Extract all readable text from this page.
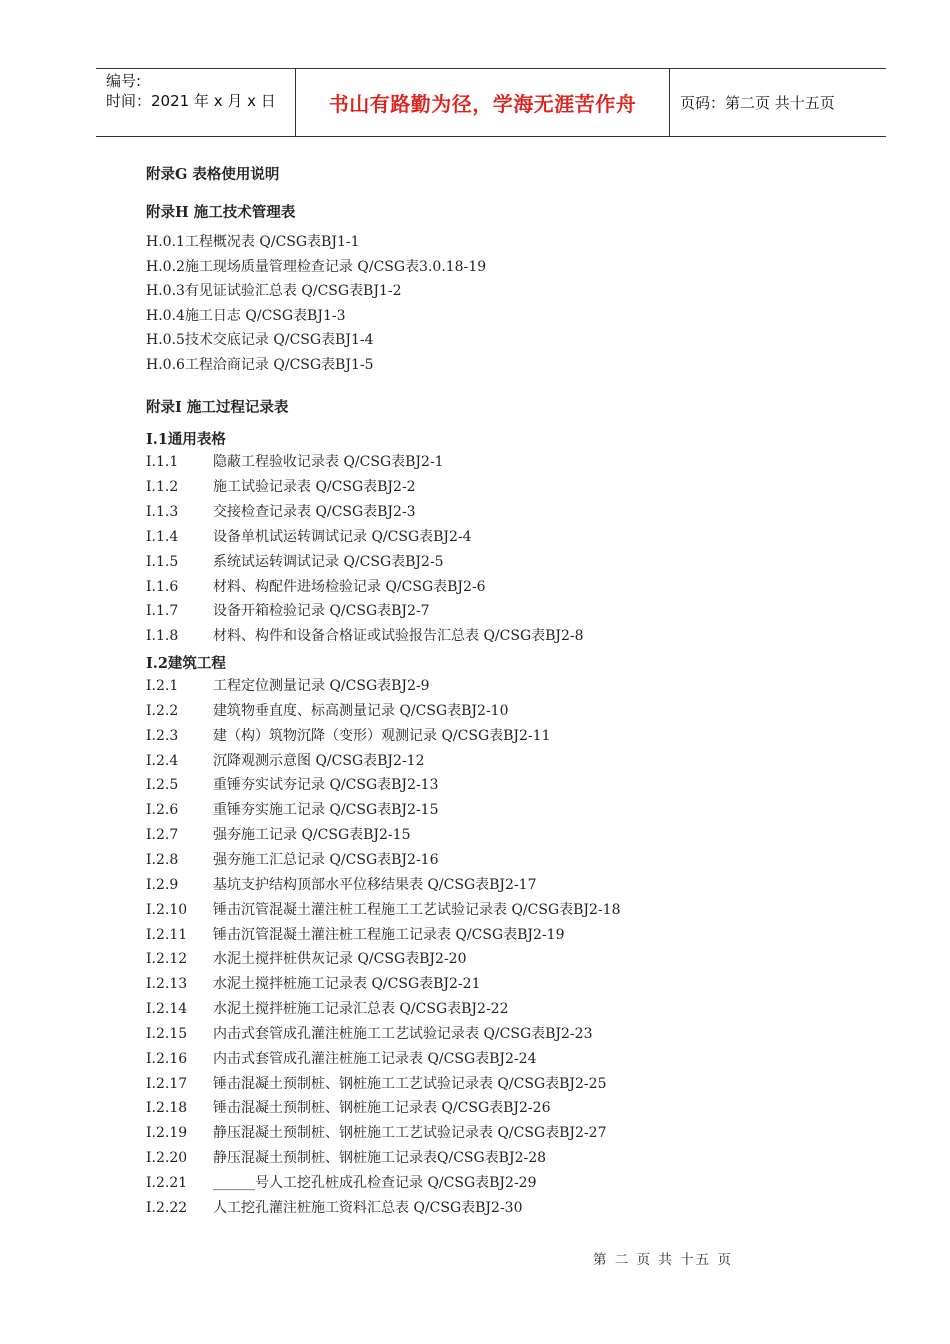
编号:
时间：2021 年 x 月 x 日	书山有路勤为径，学海无涯苦作舟	页码：第二页 共十五页
附录G 表格使用说明
附录H 施工技术管理表
H.0.1工程概况表 Q/CSG表BJ1-1
H.0.2施工现场质量管理检查记录 Q/CSG表3.0.18-19
H.0.3有见证试验汇总表 Q/CSG表BJ1-2
H.0.4施工日志 Q/CSG表BJ1-3
H.0.5技术交底记录 Q/CSG表BJ1-4
H.0.6工程洽商记录 Q/CSG表BJ1-5
附录I 施工过程记录表
I.1通用表格
I.1.1 隐蔽工程验收记录表 Q/CSG表BJ2-1
I.1.2 施工试验记录表 Q/CSG表BJ2-2
I.1.3 交接检查记录表 Q/CSG表BJ2-3
I.1.4 设备单机试运转调试记录 Q/CSG表BJ2-4
I.1.5 系统试运转调试记录 Q/CSG表BJ2-5
I.1.6 材料、构配件进场检验记录 Q/CSG表BJ2-6
I.1.7 设备开箱检验记录 Q/CSG表BJ2-7
I.1.8 材料、构件和设备合格证或试验报告汇总表 Q/CSG表BJ2-8
I.2建筑工程
I.2.1 工程定位测量记录 Q/CSG表BJ2-9
I.2.2 建筑物垂直度、标高测量记录 Q/CSG表BJ2-10
I.2.3 建（构）筑物沉降（变形）观测记录 Q/CSG表BJ2-11
I.2.4 沉降观测示意图 Q/CSG表BJ2-12
I.2.5 重锤夯实试夯记录 Q/CSG表BJ2-13
I.2.6 重锤夯实施工记录 Q/CSG表BJ2-15
I.2.7 强夯施工记录 Q/CSG表BJ2-15
I.2.8 强夯施工汇总记录 Q/CSG表BJ2-16
I.2.9 基坑支护结构顶部水平位移结果表 Q/CSG表BJ2-17
I.2.10 锤击沉管混凝土灌注桩工程施工工艺试验记录表 Q/CSG表BJ2-18
I.2.11 锤击沉管混凝土灌注桩工程施工记录表 Q/CSG表BJ2-19
I.2.12 水泥土搅拌桩供灰记录 Q/CSG表BJ2-20
I.2.13 水泥土搅拌桩施工记录表 Q/CSG表BJ2-21
I.2.14 水泥土搅拌桩施工记录汇总表 Q/CSG表BJ2-22
I.2.15 内击式套管成孔灌注桩施工工艺试验记录表 Q/CSG表BJ2-23
I.2.16 内击式套管成孔灌注桩施工记录表 Q/CSG表BJ2-24
I.2.17 锤击混凝土预制桩、钢桩施工工艺试验记录表 Q/CSG表BJ2-25
I.2.18 锤击混凝土预制桩、钢桩施工记录表 Q/CSG表BJ2-26
I.2.19 静压混凝土预制桩、钢桩施工工艺试验记录表 Q/CSG表BJ2-27
I.2.20 静压混凝土预制桩、钢桩施工记录表Q/CSG表BJ2-28
I.2.21 ______号人工挖孔桩成孔检查记录 Q/CSG表BJ2-29
I.2.22 人工挖孔灌注桩施工资料汇总表 Q/CSG表BJ2-30
第 二 页 共 十五 页
